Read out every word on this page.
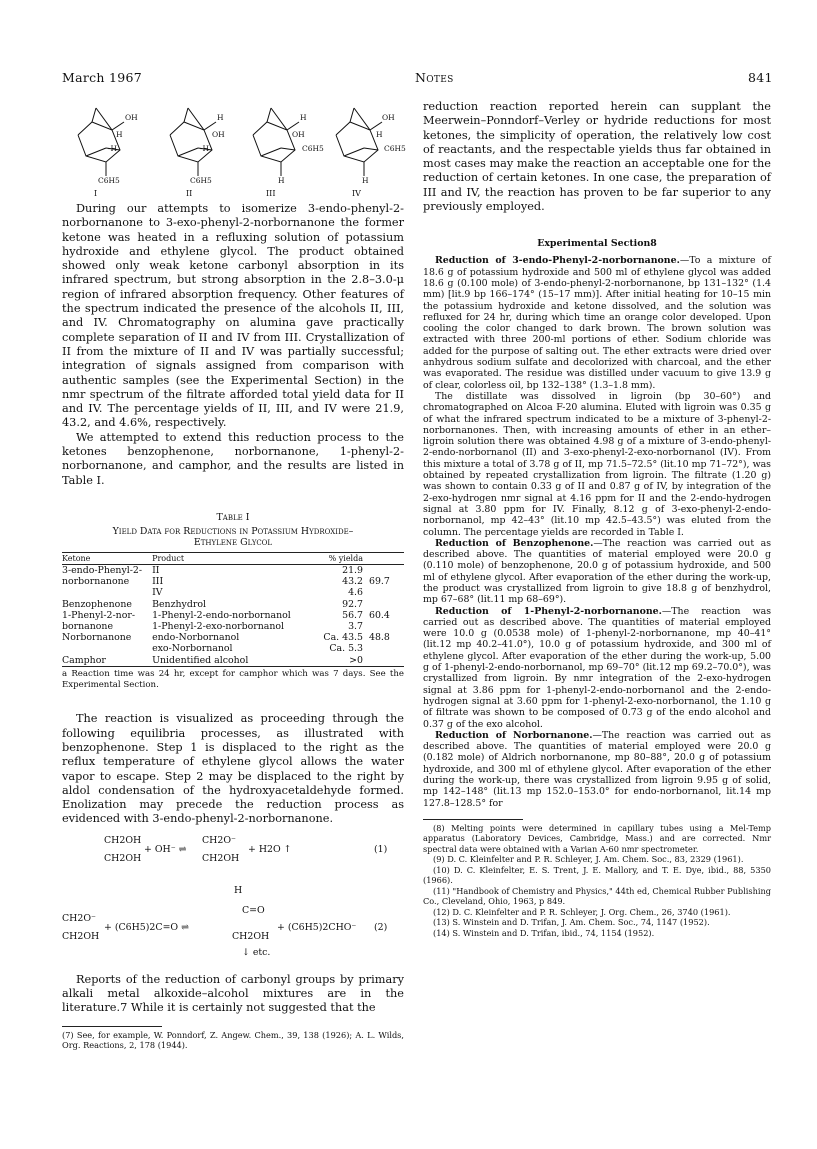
March 1967	Notes	841
OH
H
-H
C6H5
H
OH
-H
C6H5
H
OH
C6H5
H
OH
H
C6H5
H
I	II	III	IV

During our attempts to isomerize 3-endo-phenyl-2-norbornanone to 3-exo-phenyl-2-norbornanone the former ketone was heated in a refluxing solution of potassium hydroxide and ethylene glycol. The product obtained showed only weak ketone carbonyl absorption in its infrared spectrum, but strong absorption in the 2.8–3.0-μ region of infrared absorption frequency. Other features of the spectrum indicated the presence of the alcohols II, III, and IV. Chromatography on alumina gave practically complete separation of II and IV from III. Crystallization of II from the mixture of II and IV was partially successful; integration of signals assigned from comparison with authentic samples (see the Experimental Section) in the nmr spectrum of the filtrate afforded total yield data for II and IV. The percentage yields of II, III, and IV were 21.9, 43.2, and 4.6%, respectively.

We attempted to extend this reduction process to the ketones benzophenone, norbornanone, 1-phenyl-2-norbornanone, and camphor, and the results are listed in Table I.

Table I
Yield Data for Reductions in Potassium Hydroxide–
Ethylene Glycol
Ketone	Product	% yielda	
3-endo-Phenyl-2-	II	21.9	
norbornanone	III	43.2	69.7
	IV	4.6	
Benzophenone	Benzhydrol	92.7	
1-Phenyl-2-nor-	1-Phenyl-2-endo-norbornanol	56.7	60.4
bornanone	1-Phenyl-2-exo-norbornanol	3.7	
Norbornanone	endo-Norbornanol	Ca. 43.5	48.8
	exo-Norbornanol	Ca. 5.3	
Camphor	Unidentified alcohol	>0	

a Reaction time was 24 hr, except for camphor which was 7 days. See the Experimental Section.

The reaction is visualized as proceeding through the following equilibria processes, as illustrated with benzophenone. Step 1 is displaced to the right as the reflux temperature of ethylene glycol allows the water vapor to escape. Step 2 may be displaced to the right by aldol condensation of the hydroxyacetaldehyde formed. Enolization may precede the reduction process as evidenced with 3-endo-phenyl-2-norbornanone.

CH2OH
CH2OH
+ OH⁻ ⇌
CH2O⁻
CH2OH
+ H2O ↑	(1)
H
C=O
CH2O⁻
CH2OH
+ (C6H5)2C=O ⇌
CH2OH
+ (C6H5)2CHO⁻ (2)
↓ etc.

Reports of the reduction of carbonyl groups by primary alkali metal alkoxide–alcohol mixtures are in the literature.7 While it is certainly not suggested that the

(7) See, for example, W. Ponndorf, Z. Angew. Chem., 39, 138 (1926); A. L. Wilds, Org. Reactions, 2, 178 (1944).

reduction reaction reported herein can supplant the Meerwein–Ponndorf–Verley or hydride reductions for most ketones, the simplicity of operation, the relatively low cost of reactants, and the respectable yields thus far obtained in most cases may make the reaction an acceptable one for the reduction of certain ketones. In one case, the preparation of III and IV, the reaction has proven to be far superior to any previously employed.

Experimental Section8

Reduction of 3-endo-Phenyl-2-norbornanone.—To a mixture of 18.6 g of potassium hydroxide and 500 ml of ethylene glycol was added 18.6 g (0.100 mole) of 3-endo-phenyl-2-norbornanone, bp 131–132° (1.4 mm) [lit.9 bp 166–174° (15–17 mm)]. After initial heating for 10–15 min the potassium hydroxide and ketone dissolved, and the solution was refluxed for 24 hr, during which time an orange color developed. Upon cooling the color changed to dark brown. The brown solution was extracted with three 200-ml portions of ether. Sodium chloride was added for the purpose of salting out. The ether extracts were dried over anhydrous sodium sulfate and decolorized with charcoal, and the ether was evaporated. The residue was distilled under vacuum to give 13.9 g of clear, colorless oil, bp 132–138° (1.3–1.8 mm).

The distillate was dissolved in ligroin (bp 30–60°) and chromatographed on Alcoa F-20 alumina. Eluted with ligroin was 0.35 g of what the infrared spectrum indicated to be a mixture of 3-phenyl-2-norbornanones. Then, with increasing amounts of ether in an ether–ligroin solution there was obtained 4.98 g of a mixture of 3-endo-phenyl-2-endo-norbornanol (II) and 3-exo-phenyl-2-exo-norbornanol (IV). From this mixture a total of 3.78 g of II, mp 71.5–72.5° (lit.10 mp 71–72°), was obtained by repeated crystallization from ligroin. The filtrate (1.20 g) was shown to contain 0.33 g of II and 0.87 g of IV, by integration of the 2-exo-hydrogen nmr signal at 4.16 ppm for II and the 2-endo-hydrogen signal at 3.80 ppm for IV. Finally, 8.12 g of 3-exo-phenyl-2-endo-norbornanol, mp 42–43° (lit.10 mp 42.5–43.5°) was eluted from the column. The percentage yields are recorded in Table I.

Reduction of Benzophenone.—The reaction was carried out as described above. The quantities of material employed were 20.0 g (0.110 mole) of benzophenone, 20.0 g of potassium hydroxide, and 500 ml of ethylene glycol. After evaporation of the ether during the work-up, the product was crystallized from ligroin to give 18.8 g of benzhydrol, mp 67–68° (lit.11 mp 68–69°).

Reduction of 1-Phenyl-2-norbornanone.—The reaction was carried out as described above. The quantities of material employed were 10.0 g (0.0538 mole) of 1-phenyl-2-norbornanone, mp 40–41° (lit.12 mp 40.2–41.0°), 10.0 g of potassium hydroxide, and 300 ml of ethylene glycol. After evaporation of the ether during the work-up, 5.00 g of 1-phenyl-2-endo-norbornanol, mp 69–70° (lit.12 mp 69.2–70.0°), was crystallized from ligroin. By nmr integration of the 2-exo-hydrogen signal at 3.86 ppm for 1-phenyl-2-endo-norbornanol and the 2-endo-hydrogen signal at 3.60 ppm for 1-phenyl-2-exo-norbornanol, the 1.10 g of filtrate was shown to be composed of 0.73 g of the endo alcohol and 0.37 g of the exo alcohol.

Reduction of Norbornanone.—The reaction was carried out as described above. The quantities of material employed were 20.0 g (0.182 mole) of Aldrich norbornanone, mp 80–88°, 20.0 g of potassium hydroxide, and 300 ml of ethylene glycol. After evaporation of the ether during the work-up, there was crystallized from ligroin 9.95 g of solid, mp 142–148° (lit.13 mp 152.0–153.0° for endo-norbornanol, lit.14 mp 127.8–128.5° for

(8) Melting points were determined in capillary tubes using a Mel-Temp apparatus (Laboratory Devices, Cambridge, Mass.) and are corrected. Nmr spectral data were obtained with a Varian A-60 nmr spectrometer.

(9) D. C. Kleinfelter and P. R. Schleyer, J. Am. Chem. Soc., 83, 2329 (1961).

(10) D. C. Kleinfelter, E. S. Trent, J. E. Mallory, and T. E. Dye, ibid., 88, 5350 (1966).

(11) "Handbook of Chemistry and Physics," 44th ed, Chemical Rubber Publishing Co., Cleveland, Ohio, 1963, p 849.

(12) D. C. Kleinfelter and P. R. Schleyer, J. Org. Chem., 26, 3740 (1961).

(13) S. Winstein and D. Trifan, J. Am. Chem. Soc., 74, 1147 (1952).

(14) S. Winstein and D. Trifan, ibid., 74, 1154 (1952).
